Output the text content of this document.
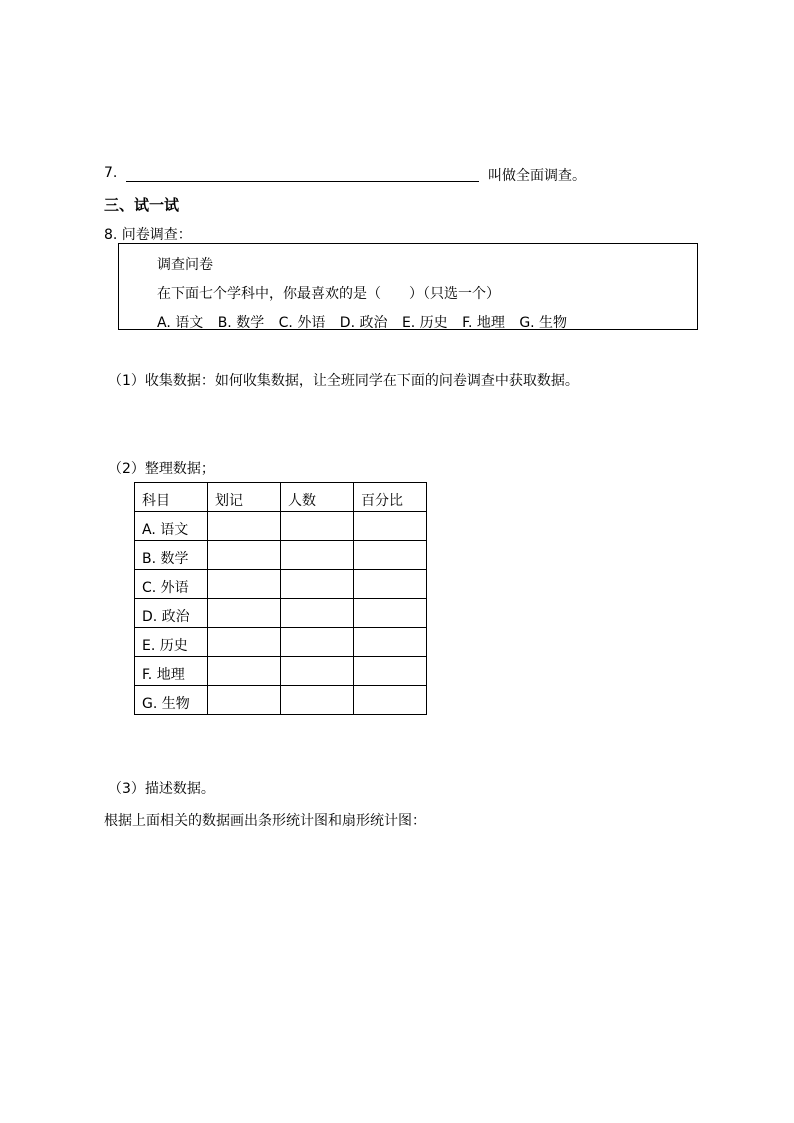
7.	叫做全面调查。
三、试一试
8. 问卷调查：
调查问卷
在下面七个学科中，你最喜欢的是（　　）（只选一个）
A. 语文 B. 数学 C. 外语 D. 政治 E. 历史 F. 地理 G. 生物
（1）收集数据：如何收集数据，让全班同学在下面的问卷调查中获取数据。
（2）整理数据；
科目	划记	人数	百分比
A. 语文			
B. 数学			
C. 外语			
D. 政治			
E. 历史			
F. 地理			
G. 生物			
（3）描述数据。
根据上面相关的数据画出条形统计图和扇形统计图：
